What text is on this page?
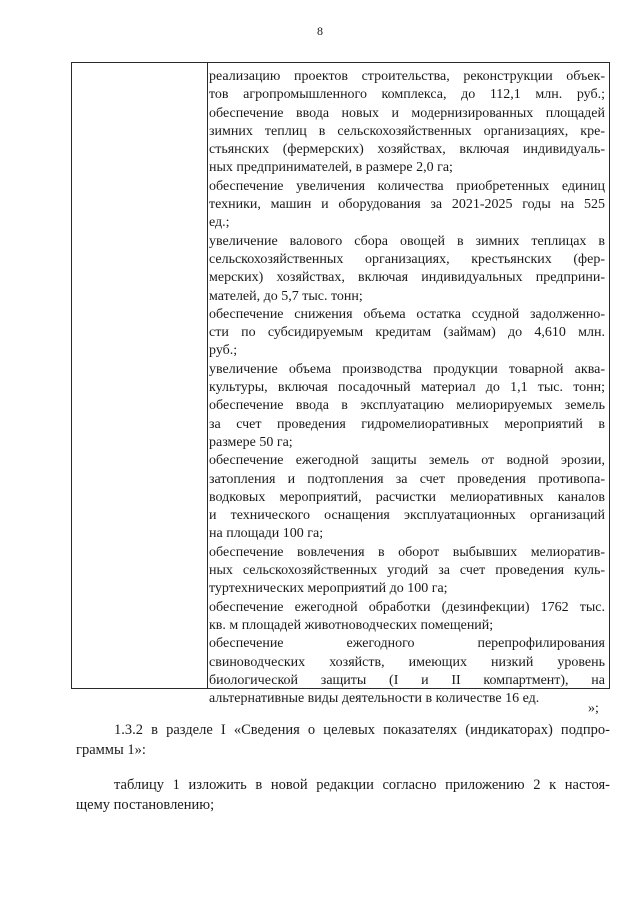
8
реализацию проектов строительства, реконструкции объек-
тов агропромышленного комплекса, до 112,1 млн. руб.;
обеспечение ввода новых и модернизированных площадей
зимних теплиц в сельскохозяйственных организациях, кре-
стьянских (фермерских) хозяйствах, включая индивидуаль-
ных предпринимателей, в размере 2,0 га;
обеспечение увеличения количества приобретенных единиц
техники, машин и оборудования за 2021-2025 годы на 525
ед.;
увеличение валового сбора овощей в зимних теплицах в
сельскохозяйственных организациях, крестьянских (фер-
мерских) хозяйствах, включая индивидуальных предприни-
мателей, до 5,7 тыс. тонн;
обеспечение снижения объема остатка ссудной задолженно-
сти по субсидируемым кредитам (займам) до 4,610 млн.
руб.;
увеличение объема производства продукции товарной аква-
культуры, включая посадочный материал до 1,1 тыс. тонн;
обеспечение ввода в эксплуатацию мелиорируемых земель
за счет проведения гидромелиоративных мероприятий в
размере 50 га;
обеспечение ежегодной защиты земель от водной эрозии,
затопления и подтопления за счет проведения противопа-
водковых мероприятий, расчистки мелиоративных каналов
и технического оснащения эксплуатационных организаций
на площади 100 га;
обеспечение вовлечения в оборот выбывших мелиоратив-
ных сельскохозяйственных угодий за счет проведения куль-
туртехнических мероприятий до 100 га;
обеспечение ежегодной обработки (дезинфекции) 1762 тыс.
кв. м площадей животноводческих помещений;
обеспечение ежегодного перепрофилирования
свиноводческих хозяйств, имеющих низкий уровень
биологической защиты (I и II компартмент), на
альтернативные виды деятельности в количестве 16 ед.
»;
1.3.2 в разделе I «Сведения о целевых показателях (индикаторах) подпро-
граммы 1»:
таблицу 1 изложить в новой редакции согласно приложению 2 к настоя-
щему постановлению;
